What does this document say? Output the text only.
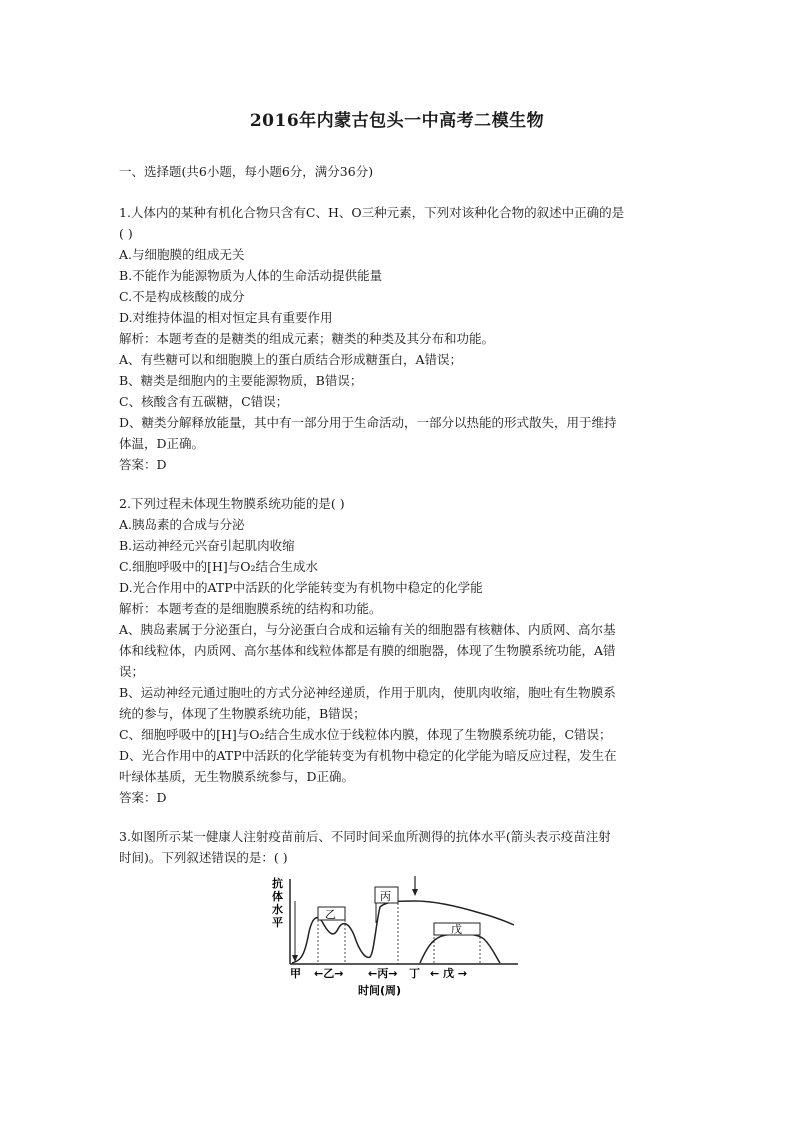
2016年内蒙古包头一中高考二模生物
一、选择题(共6小题，每小题6分，满分36分)
1.人体内的某种有机化合物只含有C、H、O三种元素，下列对该种化合物的叙述中正确的是
( )
A.与细胞膜的组成无关
B.不能作为能源物质为人体的生命活动提供能量
C.不是构成核酸的成分
D.对维持体温的相对恒定具有重要作用
解析：本题考查的是糖类的组成元素；糖类的种类及其分布和功能。
A、有些糖可以和细胞膜上的蛋白质结合形成糖蛋白，A错误；
B、糖类是细胞内的主要能源物质，B错误；
C、核酸含有五碳糖，C错误；
D、糖类分解释放能量，其中有一部分用于生命活动，一部分以热能的形式散失，用于维持
体温，D正确。
答案：D
2.下列过程未体现生物膜系统功能的是( )
A.胰岛素的合成与分泌
B.运动神经元兴奋引起肌肉收缩
C.细胞呼吸中的[H]与O₂结合生成水
D.光合作用中的ATP中活跃的化学能转变为有机物中稳定的化学能
解析：本题考查的是细胞膜系统的结构和功能。
A、胰岛素属于分泌蛋白，与分泌蛋白合成和运输有关的细胞器有核糖体、内质网、高尔基
体和线粒体，内质网、高尔基体和线粒体都是有膜的细胞器，体现了生物膜系统功能，A错
误；
B、运动神经元通过胞吐的方式分泌神经递质，作用于肌肉，使肌肉收缩，胞吐有生物膜系
统的参与，体现了生物膜系统功能，B错误；
C、细胞呼吸中的[H]与O₂结合生成水位于线粒体内膜，体现了生物膜系统功能，C错误；
D、光合作用中的ATP中活跃的化学能转变为有机物中稳定的化学能为暗反应过程，发生在
叶绿体基质，无生物膜系统参与，D正确。
答案：D
3.如图所示某一健康人注射疫苗前后、不同时间采血所测得的抗体水平(箭头表示疫苗注射
时间)。下列叙述错误的是：( )
抗
体
水
平
乙
丙
戊
甲 ←乙→ ←丙→ 丁 ← 戊 →
时间(周)
